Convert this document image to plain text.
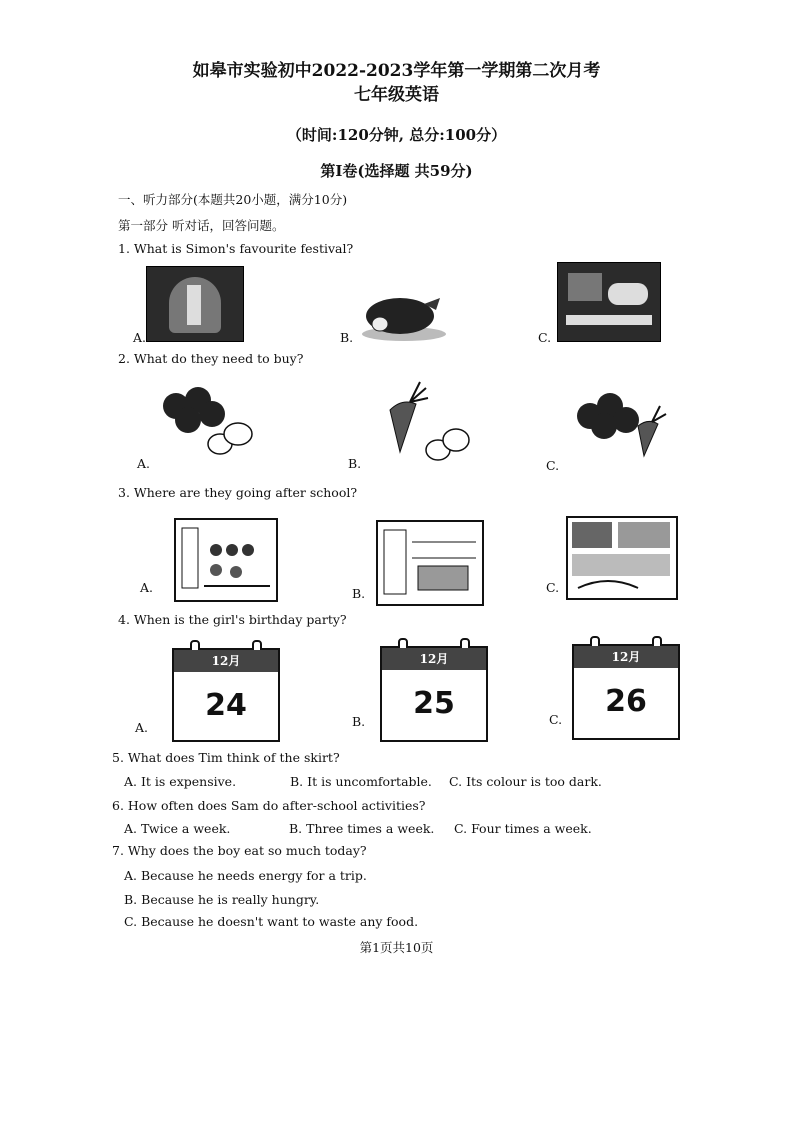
如皋市实验初中2022-2023学年第一学期第二次月考
七年级英语
（时间:120分钟, 总分:100分）
第Ⅰ卷(选择题 共59分)
一、听力部分(本题共20小题，满分10分)
第一部分 听对话，回答问题。
1. What is Simon's favourite festival?
A.	B.	C.
2. What do they need to buy?
A.	B.	C.
3. Where are they going after school?
A.	B.	C.
4. When is the girl's birthday party?
12月
24
A.
12月
25
B.
12月
26
C.
5. What does Tim think of the skirt?
A. It is expensive.	B. It is uncomfortable. C. Its colour is too dark.
6. How often does Sam do after-school activities?
A. Twice a week.	B. Three times a week. C. Four times a week.
7. Why does the boy eat so much today?
A. Because he needs energy for a trip.
B. Because he is really hungry.
C. Because he doesn't want to waste any food.
第1页共10页
